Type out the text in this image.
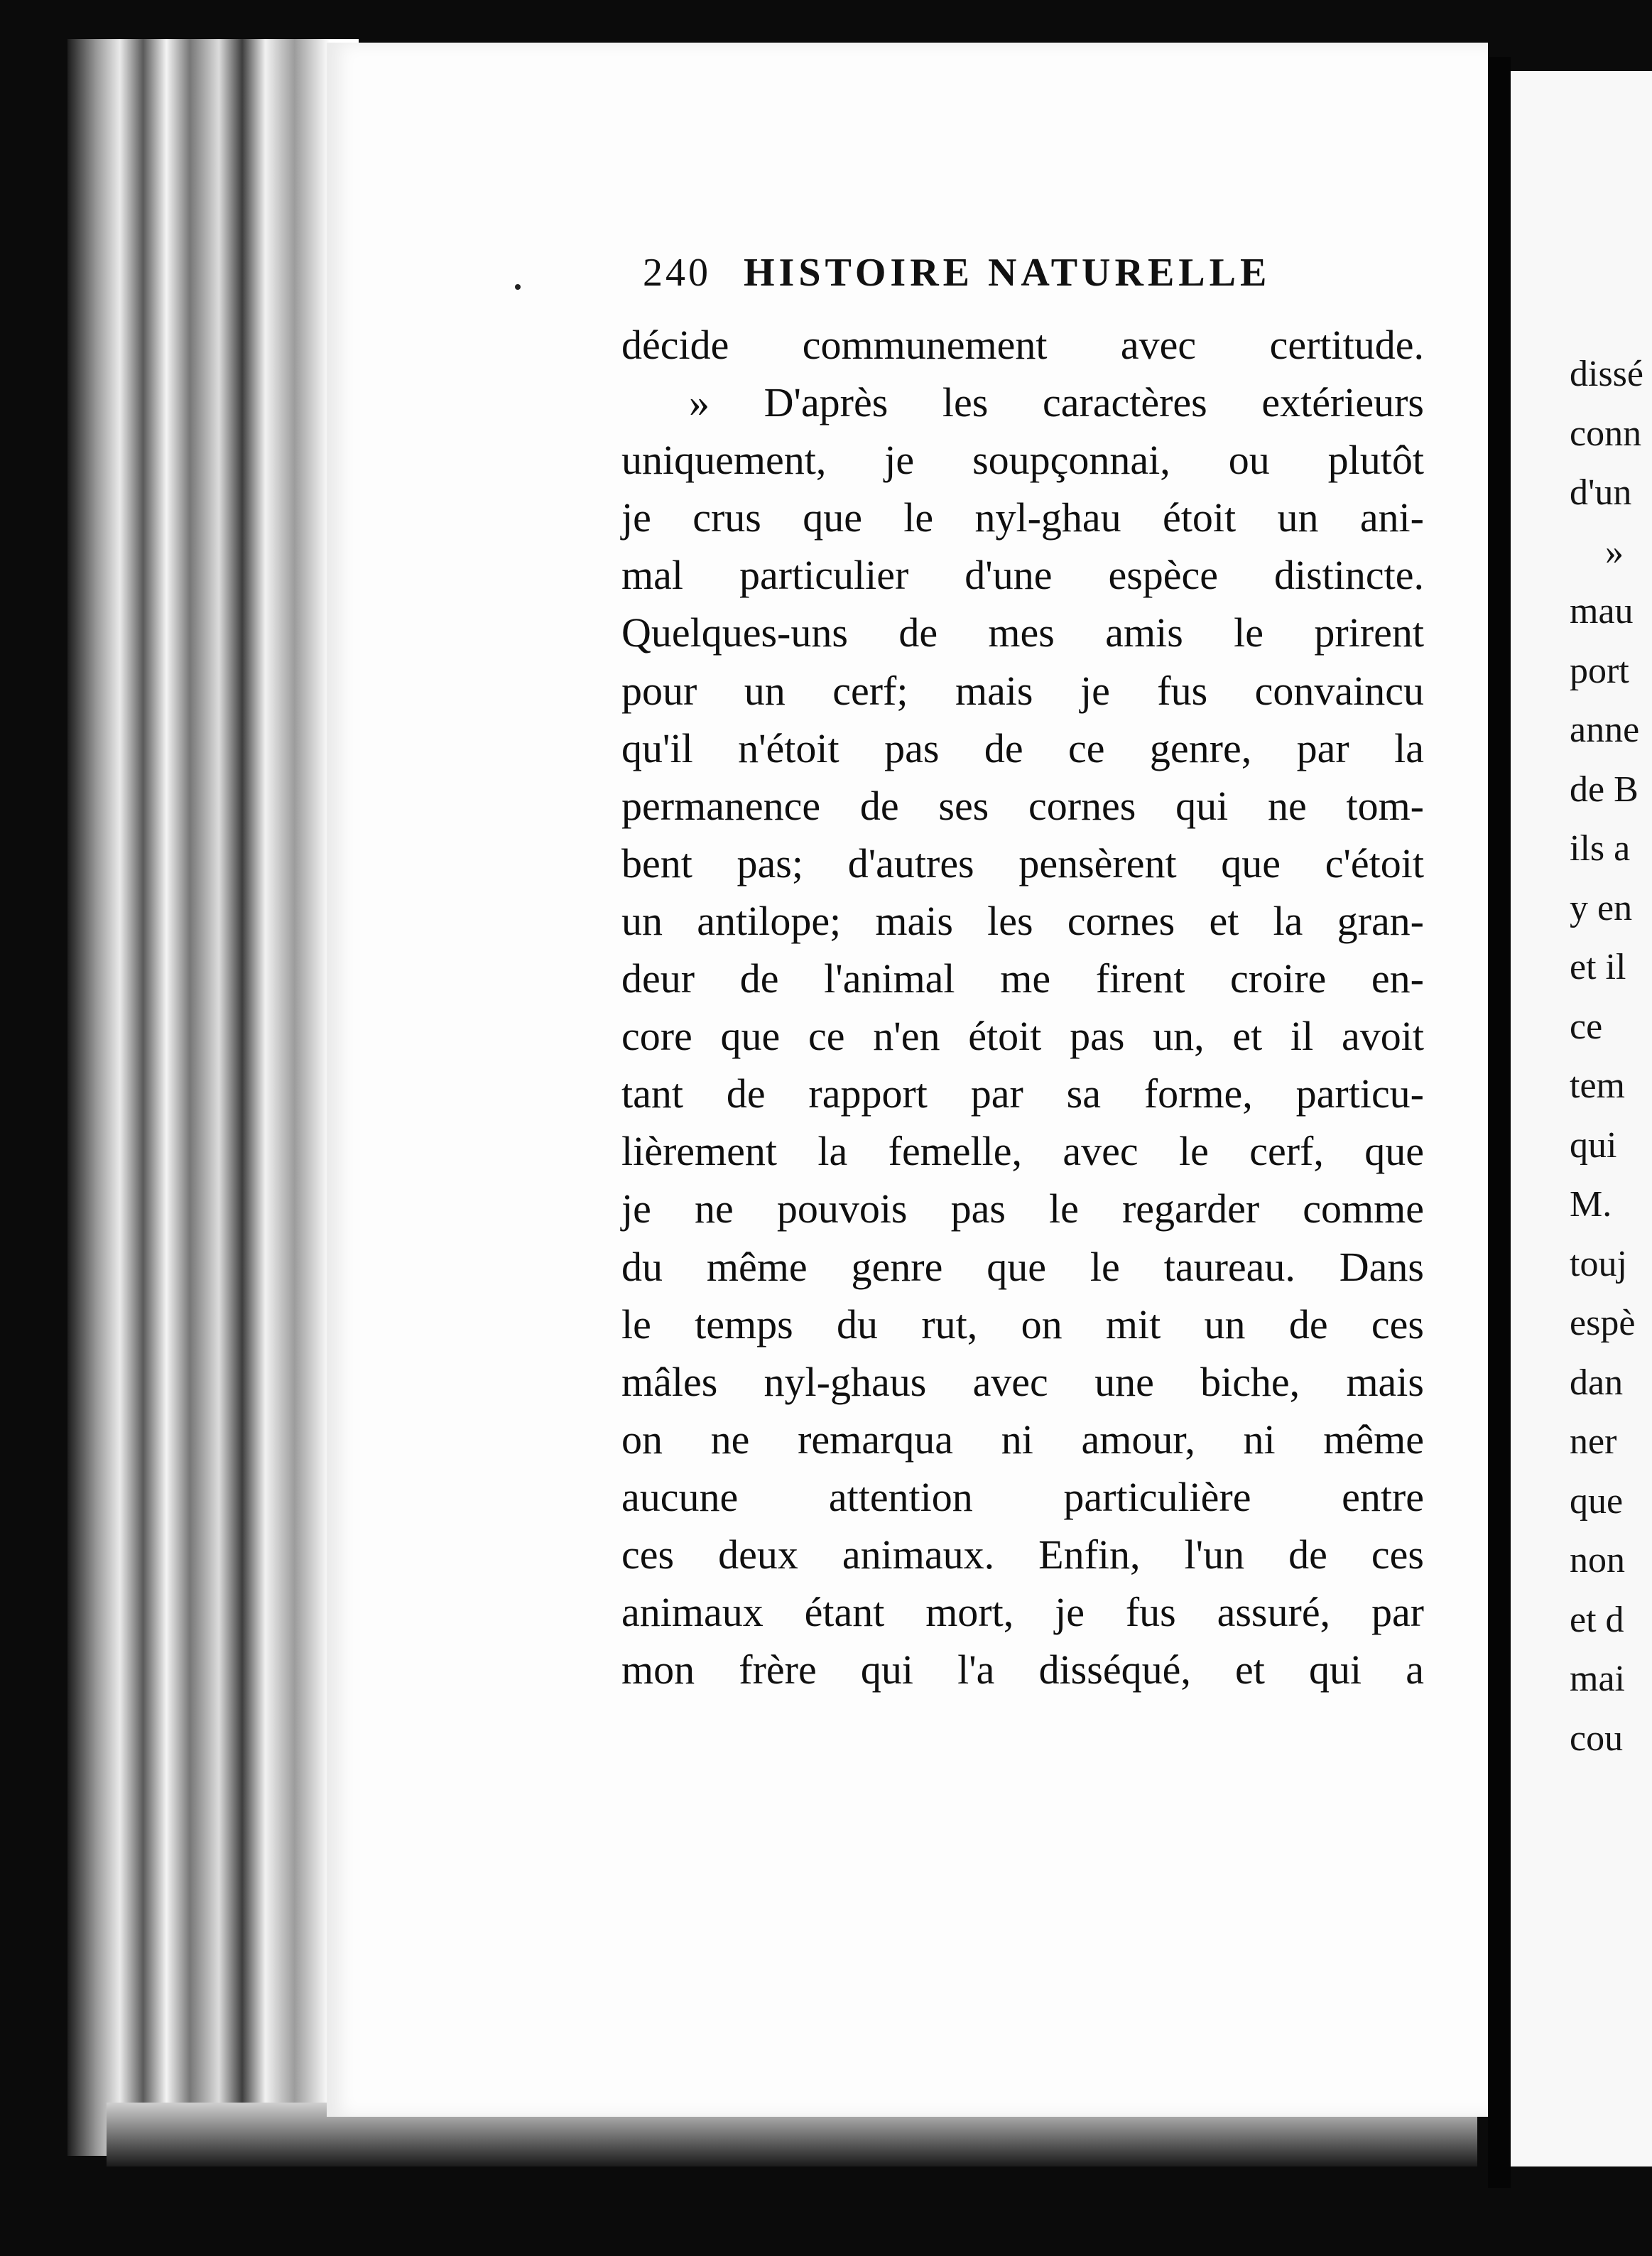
240 HISTOIRE NATURELLE
décide communement avec certitude.
» D'après les caractères extérieurs
uniquement, je soupçonnai, ou plutôt
je crus que le nyl-ghau étoit un ani-
mal particulier d'une espèce distincte.
Quelques-uns de mes amis le prirent
pour un cerf; mais je fus convaincu
qu'il n'étoit pas de ce genre, par la
permanence de ses cornes qui ne tom-
bent pas; d'autres pensèrent que c'étoit
un antilope; mais les cornes et la gran-
deur de l'animal me firent croire en-
core que ce n'en étoit pas un, et il avoit
tant de rapport par sa forme, particu-
lièrement la femelle, avec le cerf, que
je ne pouvois pas le regarder comme
du même genre que le taureau. Dans
le temps du rut, on mit un de ces
mâles nyl-ghaus avec une biche, mais
on ne remarqua ni amour, ni même
aucune attention particulière entre
ces deux animaux. Enfin, l'un de ces
animaux étant mort, je fus assuré, par
mon frère qui l'a disséqué, et qui a
dissé
conn
d'un
»
mau
port
anne
de B
ils a
y en
et il
ce
tem
qui
M.
touj
espè
dan
ner
que
non
et d
mai
cou
